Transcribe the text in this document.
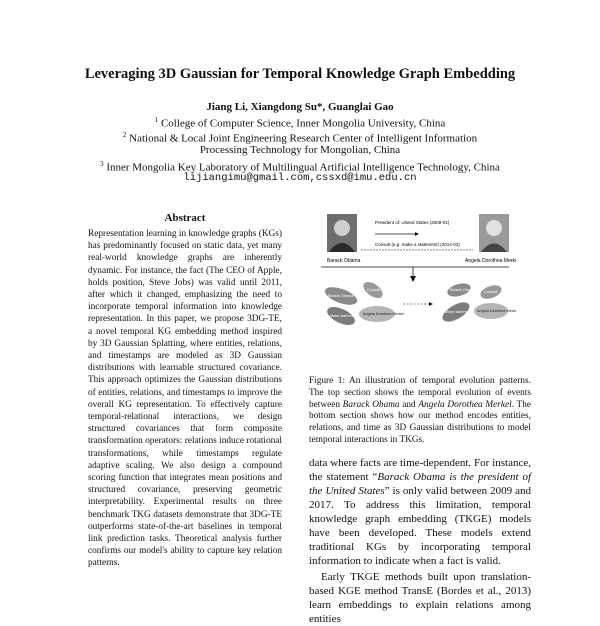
Leveraging 3D Gaussian for Temporal Knowledge Graph Embedding
Jiang Li, Xiangdong Su*, Guanglai Gao
$^1$ College of Computer Science, Inner Mongolia University, China
$^2$ National & Local Joint Engineering Research Center of Intelligent Information
Processing Technology for Mongolian, China
$^3$ Inner Mongolia Key Laboratory of Multilingual Artificial Intelligence Technology, China
lijiangimu@gmail.com,cssxd@imu.edu.cn
Abstract
Representation learning in knowledge graphs (KGs) has predominantly focused on static data, yet many real-world knowledge graphs are inherently dynamic. For instance, the fact (The CEO of Apple, holds position, Steve Jobs) was valid until 2011, after which it changed, emphasizing the need to incorporate temporal information into knowledge representation. In this paper, we propose 3DG-TE, a novel temporal KG embedding method inspired by 3D Gaussian Splatting, where entities, relations, and timestamps are modeled as 3D Gaussian distributions with learnable structured covariance. This approach optimizes the Gaussian distributions of entities, relations, and timestamps to improve the overall KG representation. To effectively capture temporal-relational interactions, we design structured covariances that form composite transformation operators: relations induce rotational transformations, while timestamps regulate adaptive scaling. We also design a compound scoring function that integrates mean positions and structured covariance, preserving geometric interpretability. Experimental results on three benchmark TKG datasets demonstrate that 3DG-TE outperforms state-of-the-art baselines in temporal link prediction tasks. Theoretical analysis further confirms our model's ability to capture key relation patterns.
President of: United States (2009-01)
Consult (e.g. make a statement) (2014-03)
Barack Obama	Angela Dorothea Merkel
Barack Obama
Consult
Make statement Angela Dorothea Merkel
Barack Obama Consult
Make statement Angela Dorothea Merkel
Figure 1: An illustration of temporal evolution patterns. The top section shows the temporal evolution of events between Barack Obama and Angela Dorothea Merkel. The bottom section shows how our method encodes entities, relations, and time as 3D Gaussian distributions to model temporal interactions in TKGs.
data where facts are time-dependent. For instance, the statement “Barack Obama is the president of the United States” is only valid between 2009 and 2017. To address this limitation, temporal knowledge graph embedding (TKGE) models have been developed. These models extend traditional KGs by incorporating temporal information to indicate when a fact is valid.
Early TKGE methods built upon translation-based KGE method TransE (Bordes et al., 2013) learn embeddings to explain relations among entities
